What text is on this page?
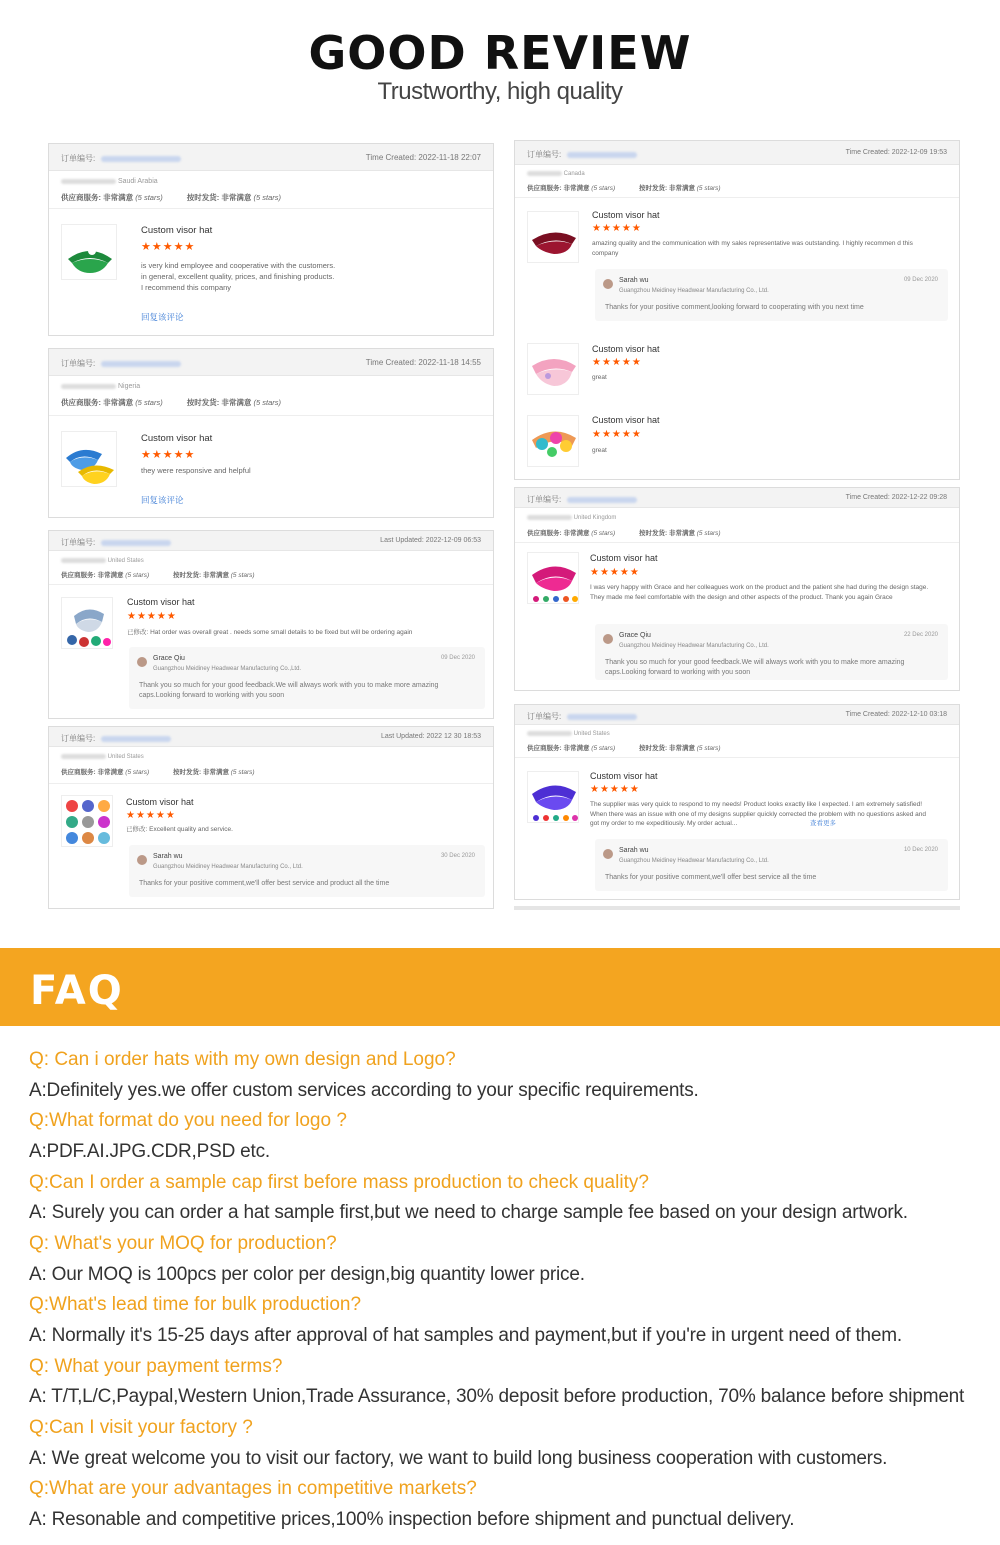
GOOD REVIEW
Trustworthy, high quality
订单编号:	Time Created: 2022-11-18 22:07
Saudi Arabia
供应商服务: 非常满意 (5 stars)	按时发货: 非常满意 (5 stars)
Custom visor hat
★★★★★
is very kind employee and cooperative with the customers.
in general, excellent quality, prices, and finishing products.
I recommend this company
回复该评论
订单编号:	Time Created: 2022-11-18 14:55
Nigeria
供应商服务: 非常满意 (5 stars)	按时发货: 非常满意 (5 stars)
Custom visor hat
★★★★★
they were responsive and helpful
回复该评论
订单编号:	Last Updated: 2022-12-09 06:53
United States
供应商服务: 非常满意 (5 stars)	按时发货: 非常满意 (5 stars)
Custom visor hat
★★★★★
已修改: Hat order was overall great . needs some small details to be fixed but will be ordering again
Grace Qiu
Guangzhou Meidiney Headwear Manufacturing Co.,Ltd.
09 Dec 2020
Thank you so much for your good feedback.We will always work with you to make more amazing caps.Looking forward to working with you soon
订单编号:	Last Updated: 2022 12 30 18:53
United States
供应商服务: 非常满意 (5 stars)	按时发货: 非常满意 (5 stars)
Custom visor hat
★★★★★
已修改: Excellent quality and service.
Sarah wu
Guangzhou Meidiney Headwear Manufacturing Co., Ltd.
30 Dec 2020
Thanks for your positive comment,we'll offer best service and product all the time
订单编号:	Time Created: 2022-12-09 19:53
Canada
供应商服务: 非常满意 (5 stars)	按时发货: 非常满意 (5 stars)
Custom visor hat
★★★★★
amazing quality and the communication with my sales representative was outstanding. I highly recommen d this company
Sarah wu
Guangzhou Meidiney Headwear Manufacturing Co., Ltd.
09 Dec 2020
Thanks for your positive comment,looking forward to cooperating with you next time
Custom visor hat
★★★★★
great
Custom visor hat
★★★★★
great
订单编号:	Time Created: 2022-12-22 09:28
United Kingdom
供应商服务: 非常满意 (5 stars)	按时发货: 非常满意 (5 stars)
Custom visor hat
★★★★★
I was very happy with Grace and her colleagues work on the product and the patient she had during the design stage. They made me feel comfortable with the design and other aspects of the product. Thank you again Grace
Grace Qiu
Guangzhou Meidiney Headwear Manufacturing Co., Ltd.
22 Dec 2020
Thank you so much for your good feedback.We will always work with you to make more amazing caps.Looking forward to working with you soon
订单编号:	Time Created: 2022-12-10 03:18
United States
供应商服务: 非常满意 (5 stars)	按时发货: 非常满意 (5 stars)
Custom visor hat
★★★★★
The supplier was very quick to respond to my needs! Product looks exactly like I expected. I am extremely satisfied! When there was an issue with one of my designs supplier quickly corrected the problem with no questions asked and got my order to me expeditiously. My order actual...	查看更多
Sarah wu
Guangzhou Meidiney Headwear Manufacturing Co., Ltd.
10 Dec 2020
Thanks for your positive comment,we'll offer best service all the time
FAQ
Q: Can i order hats with my own design and Logo?
A:Definitely yes.we offer custom services according to your specific requirements.
Q:What format do you need for logo ?
A:PDF.AI.JPG.CDR,PSD etc.
Q:Can I order a sample cap first before mass production to check quality?
A: Surely you can order a hat sample first,but we need to charge sample fee based on your design artwork.
Q: What's your MOQ for production?
A: Our MOQ is 100pcs per color per design,big quantity lower price.
Q:What's lead time for bulk production?
A: Normally it's 15-25 days after approval of hat samples and payment,but if you're in urgent need of them.
Q: What your payment terms?
A: T/T,L/C,Paypal,Western Union,Trade Assurance, 30% deposit before production, 70% balance before shipment
Q:Can I visit your factory ?
A: We great welcome you to visit our factory, we want to build long business cooperation with customers.
Q:What are your advantages in competitive markets?
A: Resonable and competitive prices,100% inspection before shipment and punctual delivery.
